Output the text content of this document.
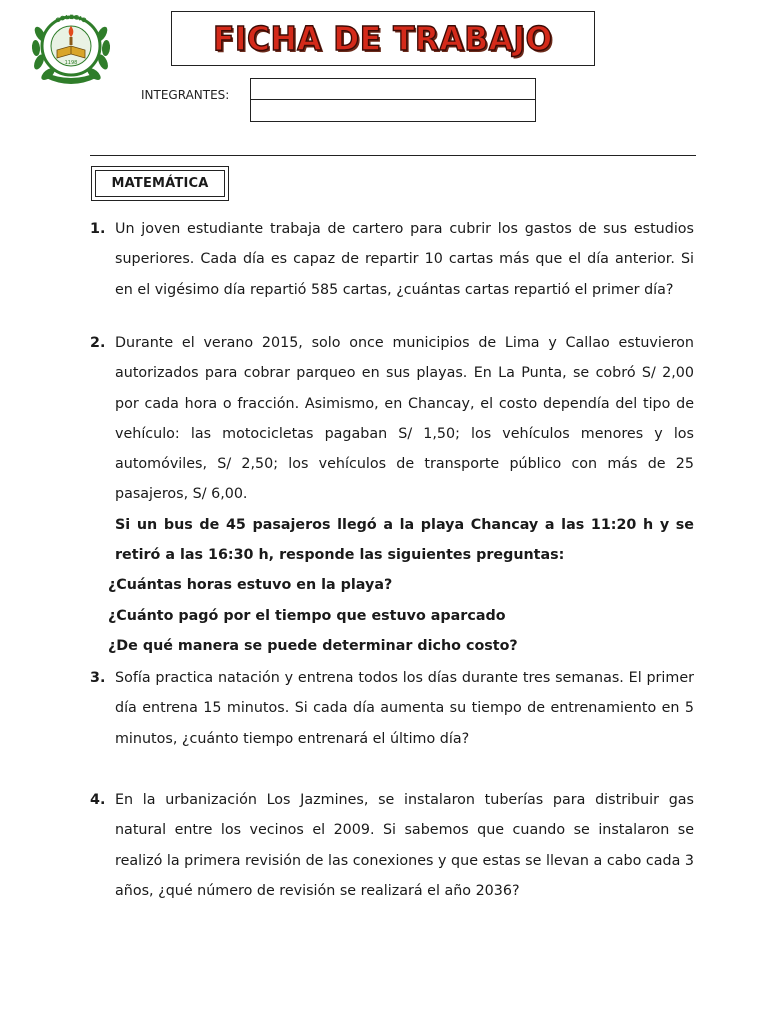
1198
COLEGIO	FICHA DE TRABAJO
INTEGRANTES:
MATEMÁTICA
1. Un joven estudiante trabaja de cartero para cubrir los gastos de sus estudios superiores. Cada día es capaz de repartir 10 cartas más que el día anterior. Si en el vigésimo día repartió 585 cartas, ¿cuántas cartas repartió el primer día?
2. Durante el verano 2015, solo once municipios de Lima y Callao estuvieron autorizados para cobrar parqueo en sus playas. En La Punta, se cobró S/ 2,00 por cada hora o fracción. Asimismo, en Chancay, el costo dependía del tipo de vehículo: las motocicletas pagaban S/ 1,50; los vehículos menores y los automóviles, S/ 2,50; los vehículos de transporte público con más de 25 pasajeros, S/ 6,00.
Si un bus de 45 pasajeros llegó a la playa Chancay a las 11:20 h y se retiró a las 16:30 h, responde las siguientes preguntas:
¿Cuántas horas estuvo en la playa?
¿Cuánto pagó por el tiempo que estuvo aparcado
¿De qué manera se puede determinar dicho costo?
3. Sofía practica natación y entrena todos los días durante tres semanas. El primer día entrena 15 minutos. Si cada día aumenta su tiempo de entrenamiento en 5 minutos, ¿cuánto tiempo entrenará el último día?
4. En la urbanización Los Jazmines, se instalaron tuberías para distribuir gas natural entre los vecinos el 2009. Si sabemos que cuando se instalaron se realizó la primera revisión de las conexiones y que estas se llevan a cabo cada 3 años, ¿qué número de revisión se realizará el año 2036?
